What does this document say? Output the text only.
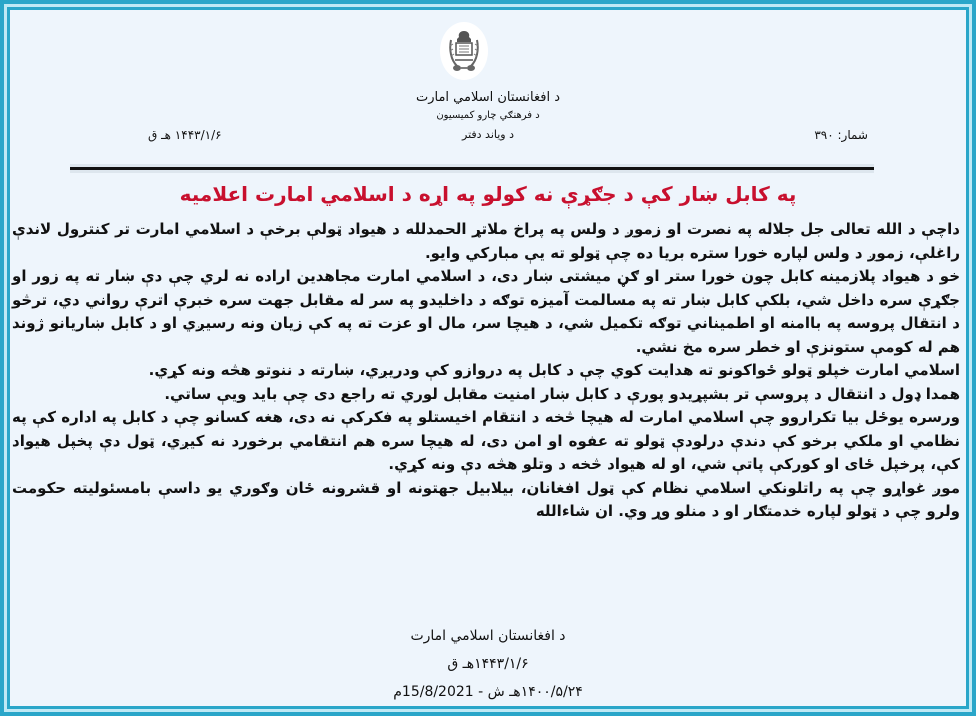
د افغانستان اسلامي امارت
د فرهنګي چارو کميسيون
شمار: ۳۹۰
د ویاند دفتر
۱۴۴۳/۱/۶ هـ ق
په کابل ښار کې د جګړې نه کولو په اړه د اسلامي امارت اعلامیه

داچې د الله تعالی جل جلاله په نصرت او زموږ د ولس په پراخ ملاتړ الحمدلله د هیواد ټولې برخې د اسلامي امارت تر کنترول لاندې راغلې، زموږ د ولس لپاره خورا ستره بریا ده چې ټولو ته یې مبارکي وایو.

خو د هیواد پلازمینه کابل چون خورا ستر او ګڼ میشتی ښار دی، د اسلامي امارت مجاهدین اراده نه لري چې دې ښار ته په زور او جګړې سره داخل شي، بلکې کابل ښار ته په مسالمت آمیزه توګه د داخلیدو په سر له مقابل جهت سره خبرې اترې رواني دي، ترڅو د انتقال پروسه په باامنه او اطمیناني توګه تکمیل شي، د هیچا سر، مال او عزت ته په کې زیان ونه رسیږي او د کابل ښاریانو ژوند هم له کومې ستونزې او خطر سره مخ نشي.

اسلامي امارت خپلو ټولو ځواکونو ته هدایت کوي چې د کابل په دروازو کې ودریږي، ښارته د ننوتو هڅه ونه کړي.

همدا ډول د انتقال د پروسې تر بشپړیدو پورې د کابل ښار امنیت مقابل لوري ته راجع دی چې باید ویې ساتي.

ورسره یوځل بیا تکراروو چې اسلامي امارت له هیچا څخه د انتقام اخیستلو په فکرکې نه دی، هغه کسانو چې د کابل په اداره کې په نظامي او ملکي برخو کې دندې درلودې ټولو ته عفوه او امن دی، له هیچا سره هم انتقامي برخورد نه کیږي، ټول دې پخپل هیواد کې، پرخپل ځای او کورکې پاتې شي، او له هیواد څخه د وتلو هڅه دې ونه کړي.

موږ غواړو چې په راتلونکي اسلامي نظام کې ټول افغانان، بیلابیل جهتونه او قشرونه ځان وګوري یو داسې بامسئولیته حکومت ولرو چې د ټولو لپاره خدمتګار او د منلو وړ وي. ان شاءالله

د افغانستان اسلامي امارت
۱۴۴۳/۱/۶هـ ق
۱۴۰۰/۵/۲۴هـ ش - 15/8/2021م
